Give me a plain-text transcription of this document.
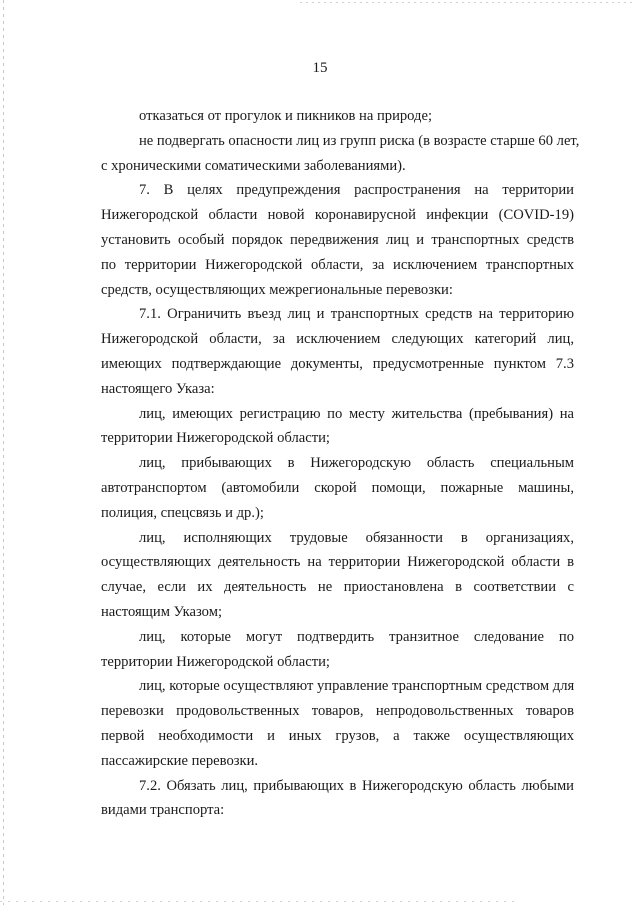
15
отказаться от прогулок и пикников на природе;
не подвергать опасности лиц из групп риска (в возрасте старше 60 лет,
с хроническими соматическими заболеваниями).
7. В целях предупреждения распространения на территории
Нижегородской области новой коронавирусной инфекции (COVID-19)
установить особый порядок передвижения лиц и транспортных средств
по территории Нижегородской области, за исключением транспортных
средств, осуществляющих межрегиональные перевозки:
7.1. Ограничить въезд лиц и транспортных средств на территорию
Нижегородской области, за исключением следующих категорий лиц,
имеющих подтверждающие документы, предусмотренные пунктом 7.3
настоящего Указа:
лиц, имеющих регистрацию по месту жительства (пребывания) на
территории Нижегородской области;
лиц, прибывающих в Нижегородскую область специальным
автотранспортом (автомобили скорой помощи, пожарные машины,
полиция, спецсвязь и др.);
лиц, исполняющих трудовые обязанности в организациях,
осуществляющих деятельность на территории Нижегородской области в
случае, если их деятельность не приостановлена в соответствии с
настоящим Указом;
лиц, которые могут подтвердить транзитное следование по
территории Нижегородской области;
лиц, которые осуществляют управление транспортным средством для
перевозки продовольственных товаров, непродовольственных товаров
первой необходимости и иных грузов, а также осуществляющих
пассажирские перевозки.
7.2. Обязать лиц, прибывающих в Нижегородскую область любыми
видами транспорта:
